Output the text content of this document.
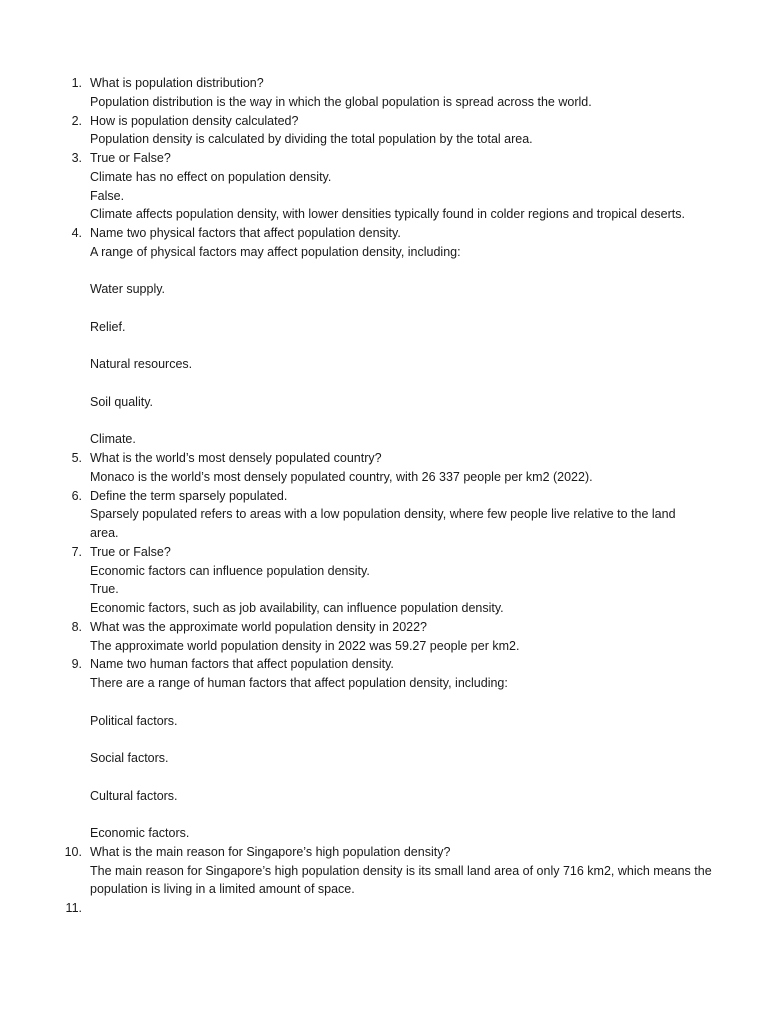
1. What is population distribution?
Population distribution is the way in which the global population is spread across the world.
2. How is population density calculated?
Population density is calculated by dividing the total population by the total area.
3. True or False?
Climate has no effect on population density.
False.
Climate affects population density, with lower densities typically found in colder regions and tropical deserts.
4. Name two physical factors that affect population density.
A range of physical factors may affect population density, including:
Water supply.
Relief.
Natural resources.
Soil quality.
Climate.
5. What is the world’s most densely populated country?
Monaco is the world’s most densely populated country, with 26 337 people per km2 (2022).
6. Define the term sparsely populated.
Sparsely populated refers to areas with a low population density, where few people live relative to the land
area.
7. True or False?
Economic factors can influence population density.
True.
Economic factors, such as job availability, can influence population density.
8. What was the approximate world population density in 2022?
The approximate world population density in 2022 was 59.27 people per km2.
9. Name two human factors that affect population density.
There are a range of human factors that affect population density, including:
Political factors.
Social factors.
Cultural factors.
Economic factors.
10. What is the main reason for Singapore’s high population density?
The main reason for Singapore’s high population density is its small land area of only 716 km2, which means the
population is living in a limited amount of space.
11.
